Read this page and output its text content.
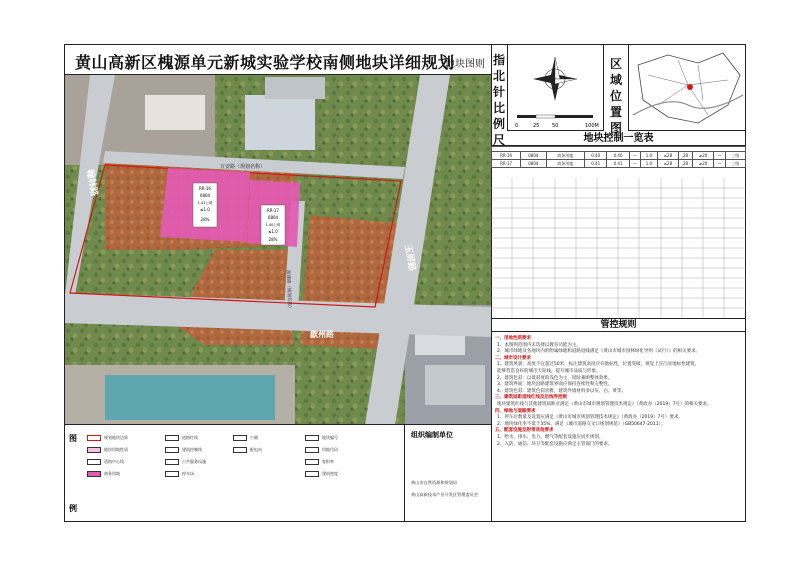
黄山高新区槐源单元新城实验学校南侧地块详细规划
地块图则
RR-16
0804
1.41公顷
≤1.0
28%
RR-17
0804
1.40公顷
≤1.0
28%
万安路（规划名称）
歙州路
浙建路（规划名称）
翰林路
玉屏路
指北针比例尺
区域位置图
0	25	50	100M
地块控制一览表

RR-16	0804	商务用地	0.40	0.40	—	1.0	≤28	28	≥20	—	三级
RR-17	0804	商务用地	0.41	0.41	—	1.0	≤28	28	≥20	—	三级
管控规则
一、用地性质要求
1、本图则范围内未选择以教育功能为主。
2、城市绿地及各地块内的附属绿地和道路退线满足《黄山市城市园林绿化导则（试行）》的相关要求。
二、城市设计要求
1、建筑风貌：高度不宜超过50米，标注建筑高度应有地标性，位置突破，视觉上应凸显地标性建筑，
能够营造良好的城市天际线，提升城市品质与形象。
2、建筑色彩：以低彩度的浅色为主，同时兼顾整体效果。
3、建筑界面：地块沿路建筑界面应保持连续性和完整性。
4、建筑色彩：建筑色彩淡雅，建筑外墙材料多以灰、白、黄等。
三、建筑间距退线红线及后线界控制
地块建筑红线与其他建筑间距应满足《黄山市城市规划管理技术规定》（黄政办（2019）7号）的相关要求。
四、绿地与道路要求
1、停车位数量及设置应满足《黄山市城市规划管理技术规定》（黄政办（2019）7号）要求。
2、地块绿化率不低于35%，满足《城市道路交叉口规划规范》（GB50647-2011）。
五、配套设施及附带其他要求
1、给水、排水、电力、燃气等配套设施应同步规划。
2、入防、通信、环卫等配套设施应满足主管部门的要求。
图
例
规划地块边界
地块用地性质
道路中心线
商务用地
道路红线
建筑控制线
公共服务设施
停车场
公厕
配电站
地块编号
用地代码
容积率
建筑密度
组织编制单位
黄山市自然资源和规划局
黄山高新技术产业开发区管理委员会
